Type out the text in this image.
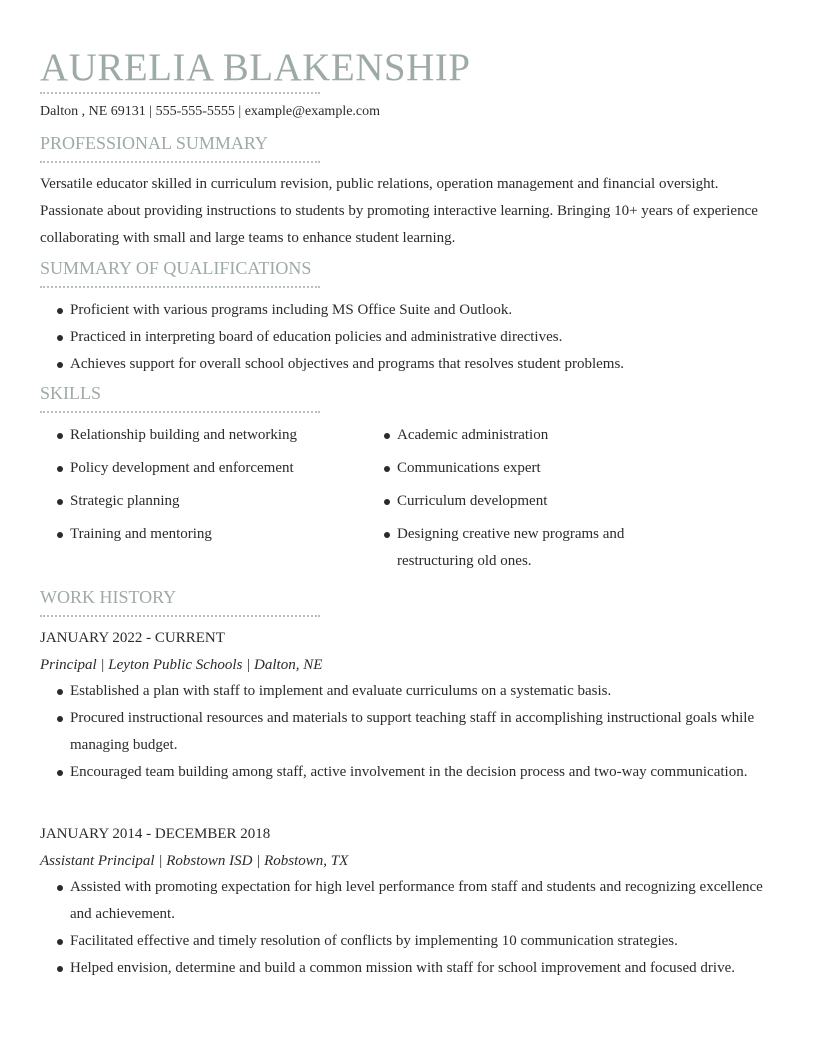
AURELIA BLAKENSHIP
Dalton , NE 69131 | 555-555-5555 | example@example.com
PROFESSIONAL SUMMARY
Versatile educator skilled in curriculum revision, public relations, operation management and financial oversight. Passionate about providing instructions to students by promoting interactive learning. Bringing 10+ years of experience collaborating with small and large teams to enhance student learning.
SUMMARY OF QUALIFICATIONS
Proficient with various programs including MS Office Suite and Outlook.
Practiced in interpreting board of education policies and administrative directives.
Achieves support for overall school objectives and programs that resolves student problems.
SKILLS
Relationship building and networking
Policy development and enforcement
Strategic planning
Training and mentoring
Academic administration
Communications expert
Curriculum development
Designing creative new programs and restructuring old ones.
WORK HISTORY
JANUARY 2022 - CURRENT
Principal | Leyton Public Schools | Dalton, NE
Established a plan with staff to implement and evaluate curriculums on a systematic basis.
Procured instructional resources and materials to support teaching staff in accomplishing instructional goals while managing budget.
Encouraged team building among staff, active involvement in the decision process and two-way communication.
JANUARY 2014 - DECEMBER 2018
Assistant Principal | Robstown ISD | Robstown, TX
Assisted with promoting expectation for high level performance from staff and students and recognizing excellence and achievement.
Facilitated effective and timely resolution of conflicts by implementing 10 communication strategies.
Helped envision, determine and build a common mission with staff for school improvement and focused drive.
